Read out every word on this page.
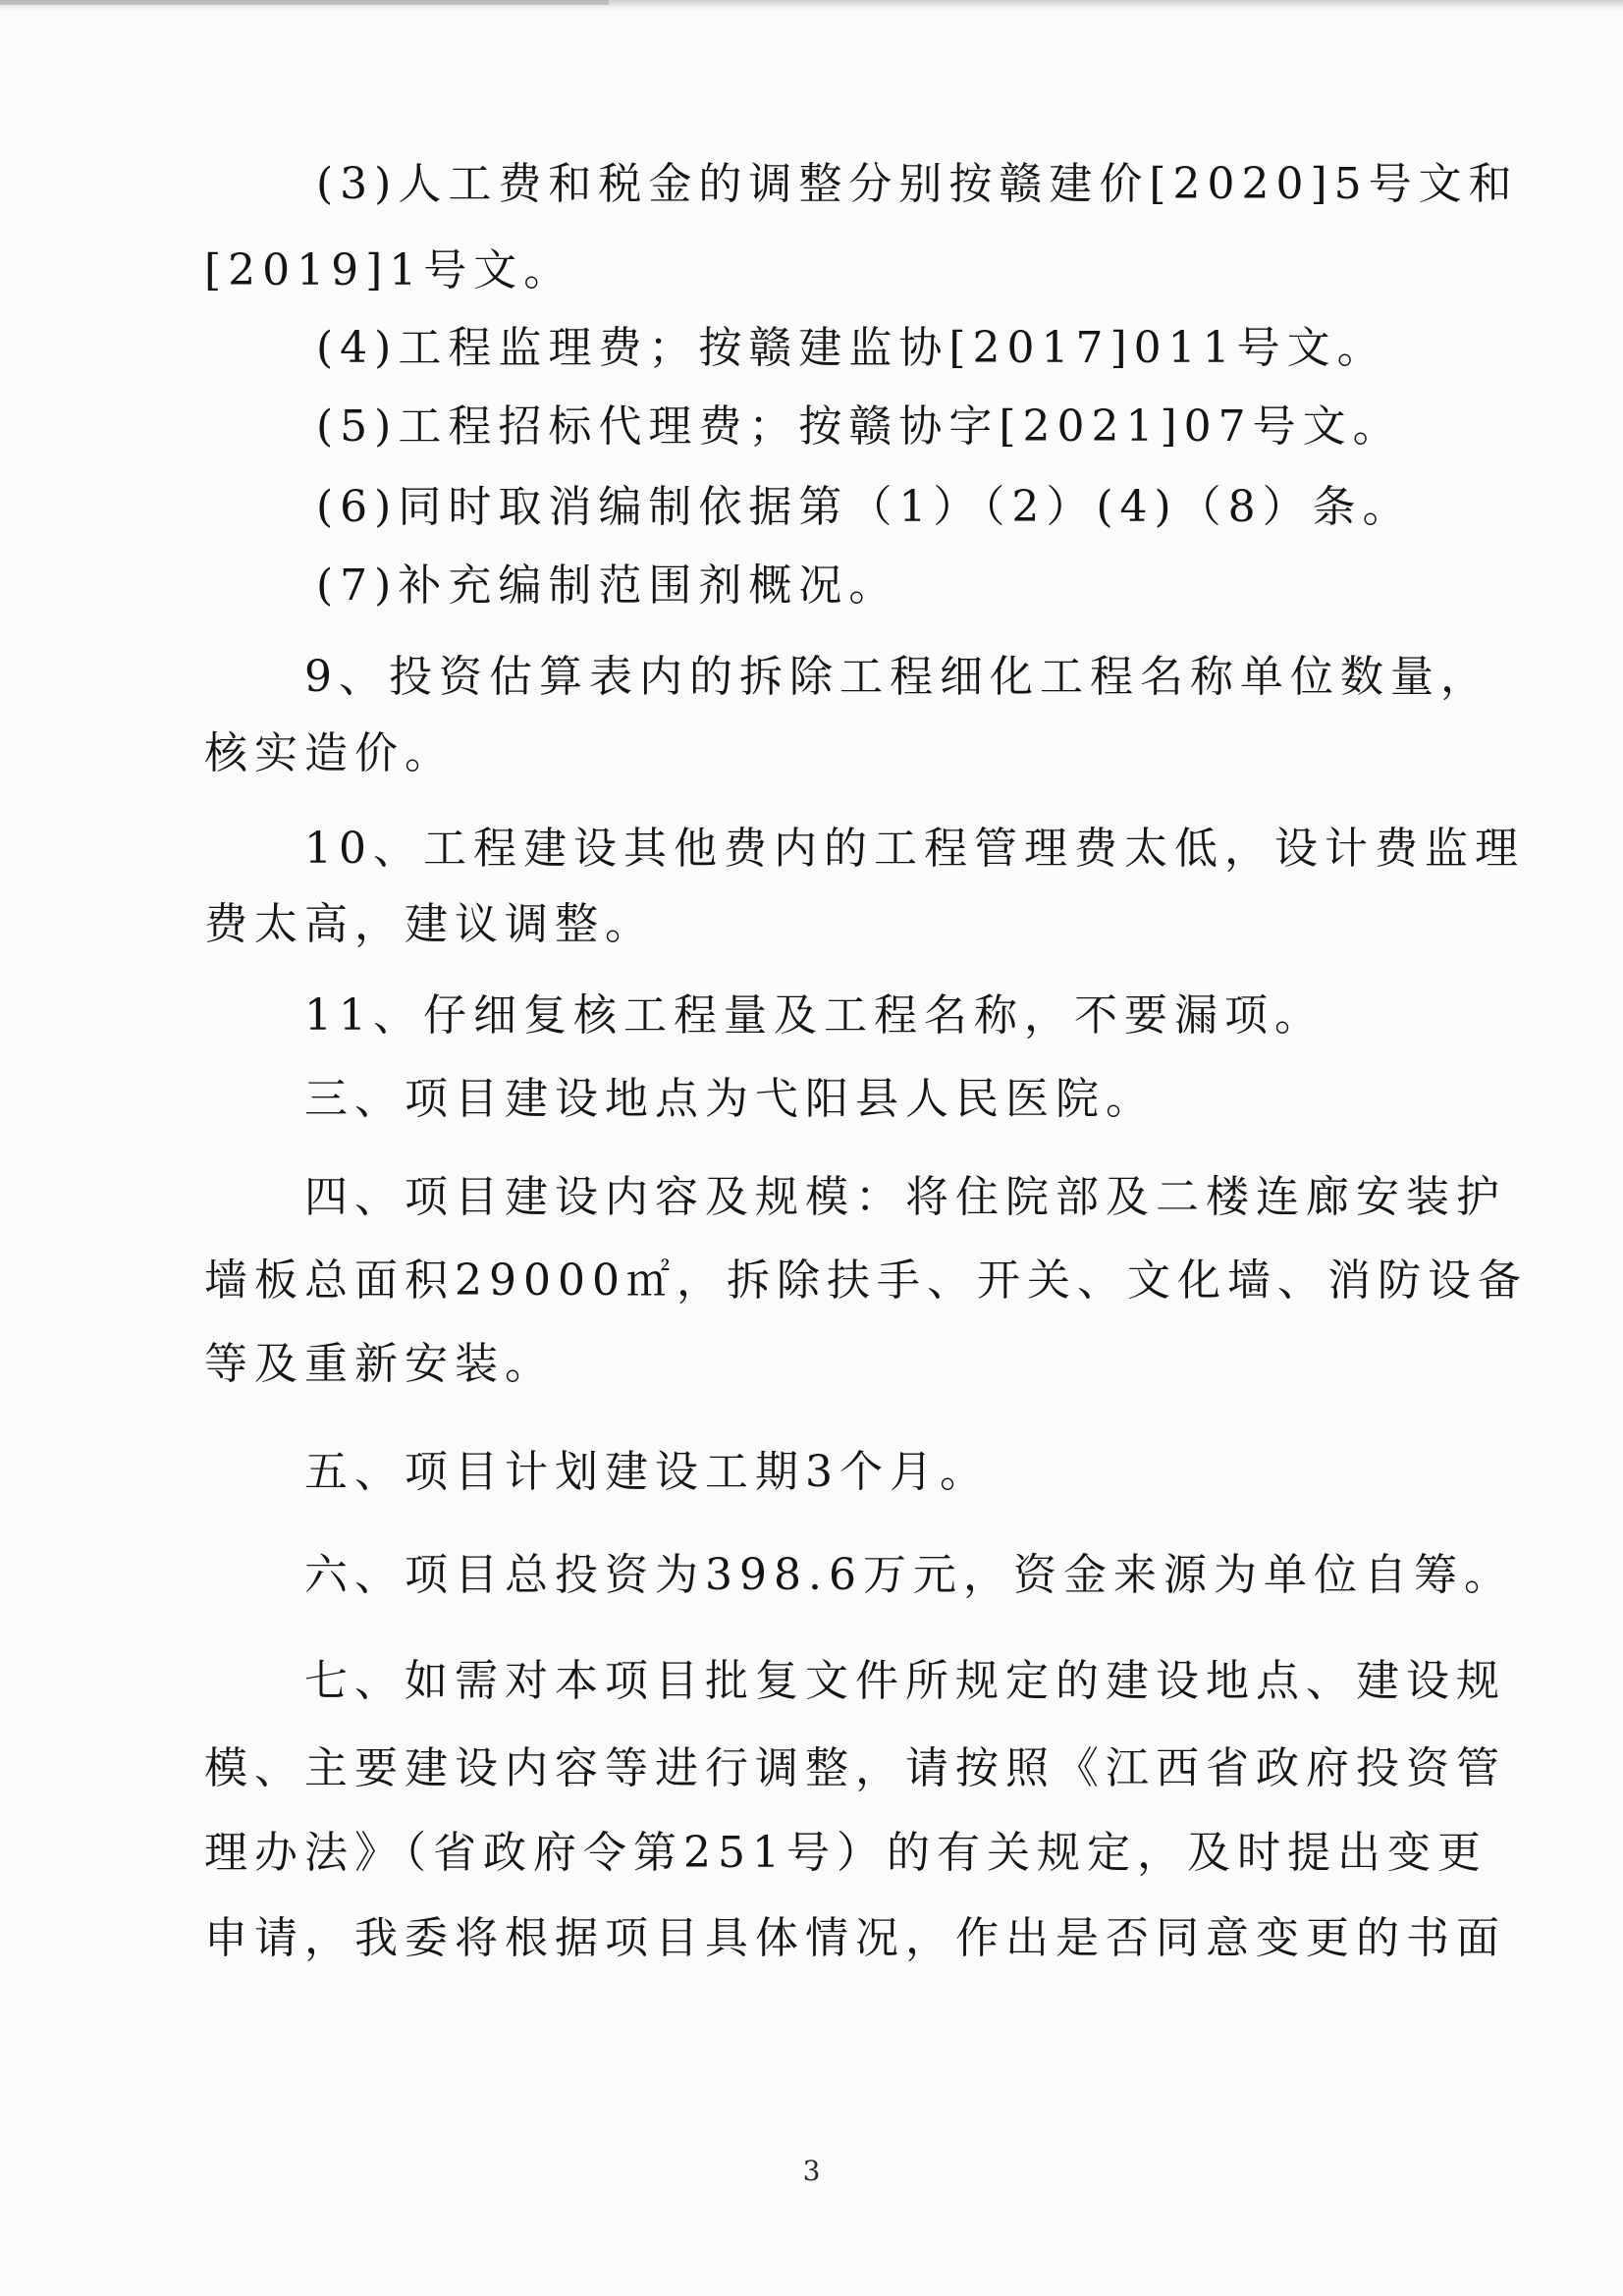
(3)人工费和税金的调整分别按赣建价[2020]5号文和

[2019]1号文。

(4)工程监理费；按赣建监协[2017]011号文。

(5)工程招标代理费；按赣协字[2021]07号文。

(6)同时取消编制依据第（1）（2）(4)（8）条。

(7)补充编制范围剂概况。

9、投资估算表内的拆除工程细化工程名称单位数量，

核实造价。

10、工程建设其他费内的工程管理费太低，设计费监理

费太高，建议调整。

11、仔细复核工程量及工程名称，不要漏项。

三、项目建设地点为弋阳县人民医院。

四、项目建设内容及规模：将住院部及二楼连廊安装护

墙板总面积29000㎡，拆除扶手、开关、文化墙、消防设备

等及重新安装。

五、项目计划建设工期3个月。

六、项目总投资为398.6万元，资金来源为单位自筹。

七、如需对本项目批复文件所规定的建设地点、建设规

模、主要建设内容等进行调整，请按照《江西省政府投资管

理办法》（省政府令第251号）的有关规定，及时提出变更

申请，我委将根据项目具体情况，作出是否同意变更的书面

3
